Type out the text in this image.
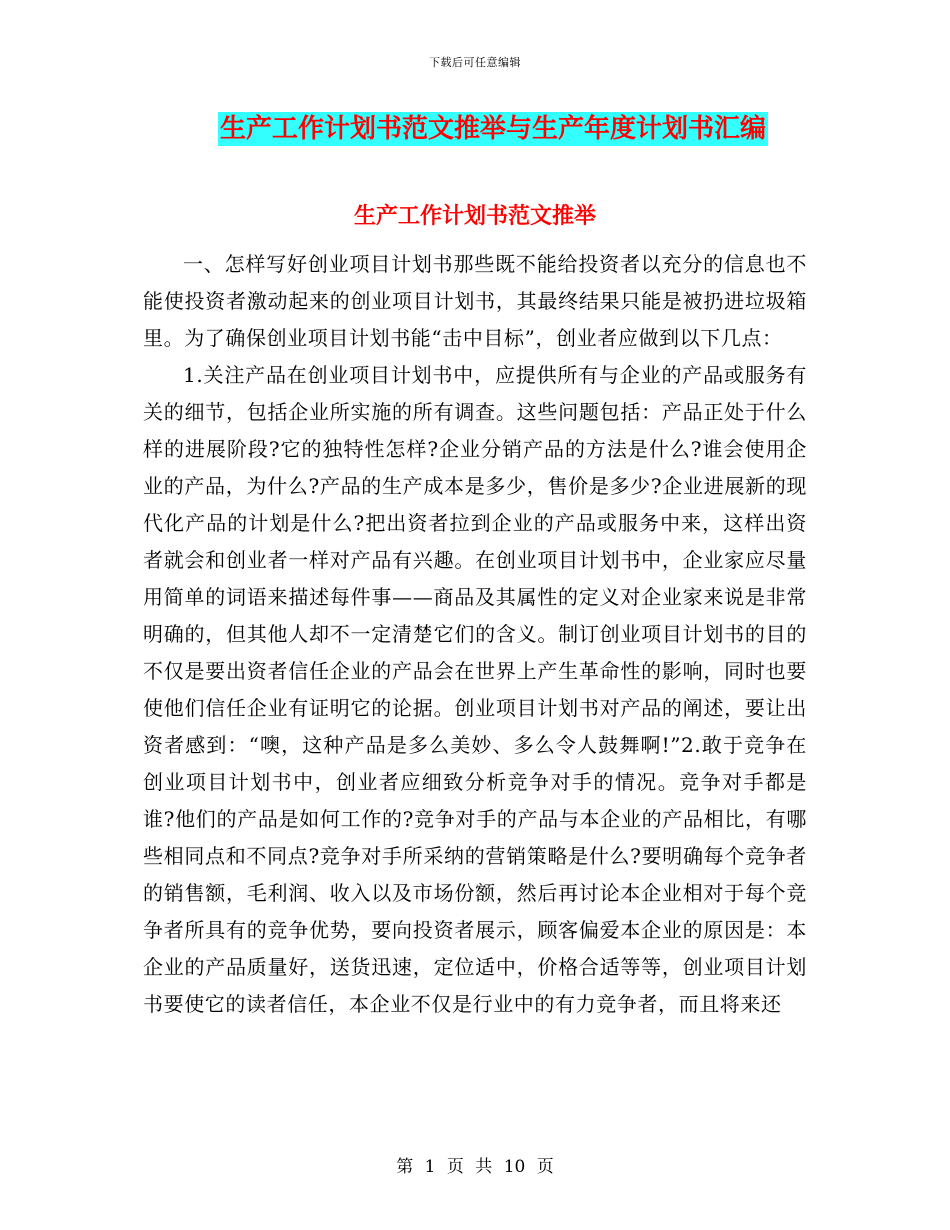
下载后可任意编辑
生产工作计划书范文推举与生产年度计划书汇编
生产工作计划书范文推举

一、怎样写好创业项目计划书那些既不能给投资者以充分的信息也不能使投资者激动起来的创业项目计划书，其最终结果只能是被扔进垃圾箱里。为了确保创业项目计划书能“击中目标”，创业者应做到以下几点：

1.关注产品在创业项目计划书中，应提供所有与企业的产品或服务有关的细节，包括企业所实施的所有调查。这些问题包括：产品正处于什么样的进展阶段?它的独特性怎样?企业分销产品的方法是什么?谁会使用企业的产品，为什么?产品的生产成本是多少，售价是多少?企业进展新的现代化产品的计划是什么?把出资者拉到企业的产品或服务中来，这样出资者就会和创业者一样对产品有兴趣。在创业项目计划书中，企业家应尽量用简单的词语来描述每件事——商品及其属性的定义对企业家来说是非常明确的，但其他人却不一定清楚它们的含义。制订创业项目计划书的目的不仅是要出资者信任企业的产品会在世界上产生革命性的影响，同时也要使他们信任企业有证明它的论据。创业项目计划书对产品的阐述，要让出资者感到：“噢，这种产品是多么美妙、多么令人鼓舞啊!”2.敢于竞争在创业项目计划书中，创业者应细致分析竞争对手的情况。竞争对手都是谁?他们的产品是如何工作的?竞争对手的产品与本企业的产品相比，有哪些相同点和不同点?竞争对手所采纳的营销策略是什么?要明确每个竞争者的销售额，毛利润、收入以及市场份额，然后再讨论本企业相对于每个竞争者所具有的竞争优势，要向投资者展示，顾客偏爱本企业的原因是：本企业的产品质量好，送货迅速，定位适中，价格合适等等，创业项目计划书要使它的读者信任，本企业不仅是行业中的有力竞争者，而且将来还

第 1 页 共 10 页
